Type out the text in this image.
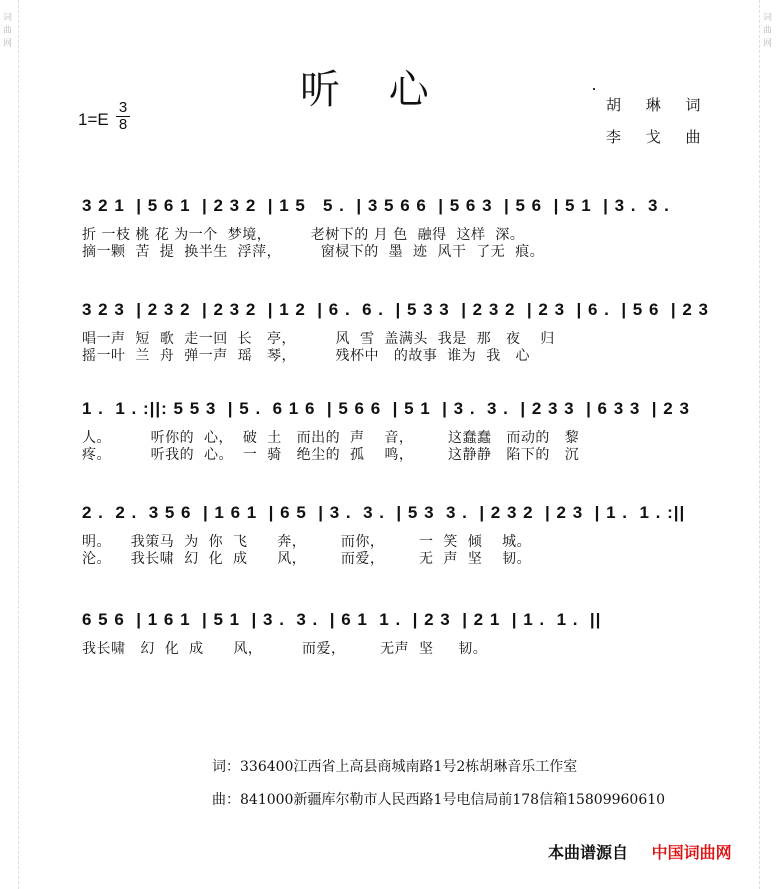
词曲网
词曲网
听 心
$1=E \frac{3}{8}$	胡 琳 词
李 戈 曲
3 2 1  | 5 6 1  | 2 3 2  | 1 5   5 .  | 3 5 6 6  | 5 6 3  | 5 6  | 5 1  | 3 .  3 .
折 一枝 桃 花 为一个  梦境，        老树下的 月 色  融得  这样  深。
摘一颗  苦  提  换半生  浮萍，        窗棂下的  墨  迹  风干  了无  痕。
3 2 3  | 2 3 2  | 2 3 2  | 1 2  | 6 .  6 .  | 5 3 3  | 2 3 2  | 2 3  | 6 .  | 5 6  | 2 3
唱一声  短  歌  走一回  长   亭，        风  雪  盖满头  我是  那   夜    归
摇一叶  兰  舟  弹一声  瑶   琴，        残杯中   的故事  谁为  我   心
1 .  1 . :||: 5 5 3  | 5 .  6 1 6  | 5 6 6  | 5 1  | 3 .  3 .  | 2 3 3  | 6 3 3  | 2 3
人。        听你的  心，  破  土   而出的  声    音，       这蠢蠢   而动的   黎
疼。        听我的  心。  一  骑   绝尘的  孤    鸣，       这静静   陷下的   沉
2 .  2 .  3 5 6  | 1 6 1  | 6 5  | 3 .  3 .  | 5 3  3 .  | 2 3 2  | 2 3  | 1 .  1 . :||
明。    我策马  为  你  飞      奔，       而你，       一  笑  倾    城。
沦。    我长啸  幻  化  成      风，       而爱，       无  声  坚    韧。
6 5 6  | 1 6 1  | 5 1  | 3 .  3 .  | 6 1  1 .  | 2 3  | 2 1  | 1 .  1 .  ||
我长啸   幻  化  成      风，        而爱，       无声  坚     韧。
词：336400江西省上高县商城南路1号2栋胡琳音乐工作室
曲：841000新疆库尔勒市人民西路1号电信局前178信箱15809960610
本曲谱源自 中国词曲网
